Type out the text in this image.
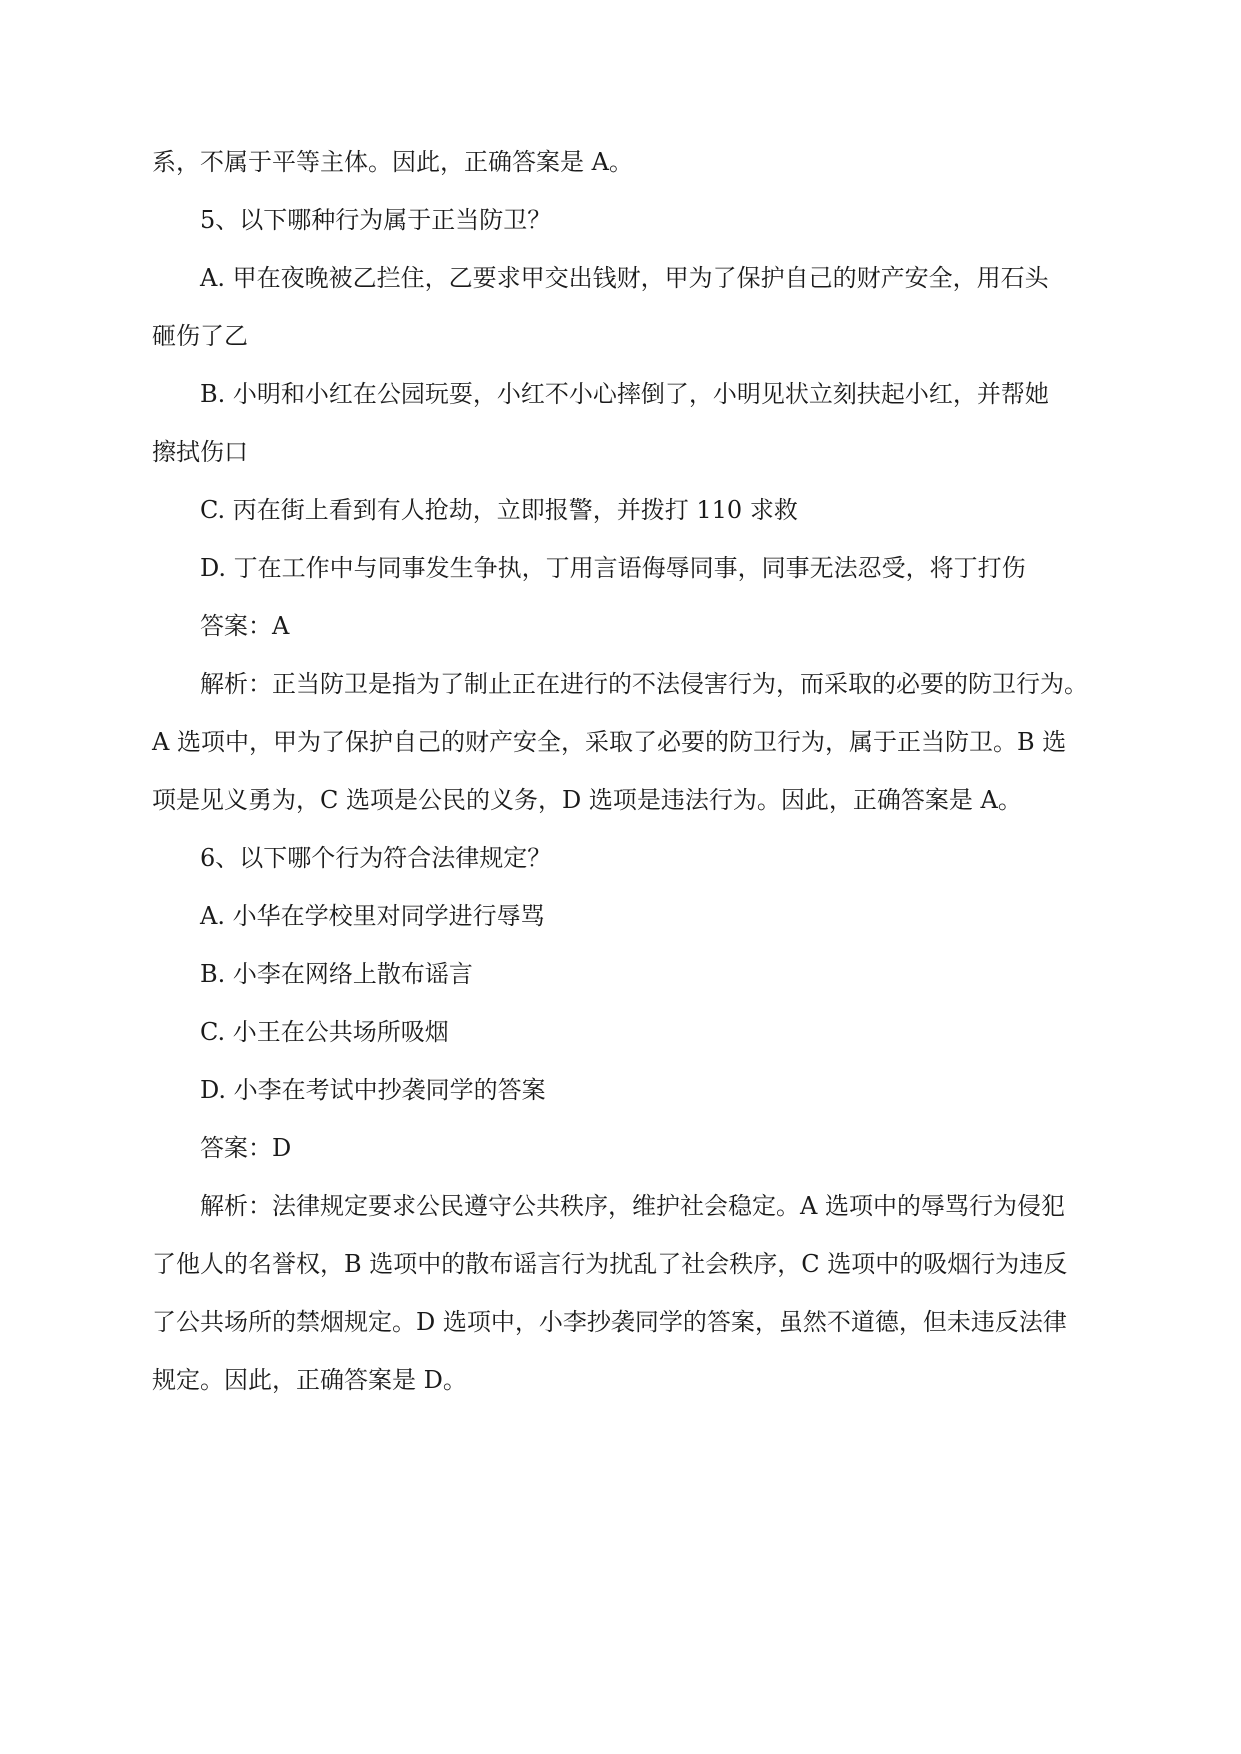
系，不属于平等主体。因此，正确答案是 A。
5、以下哪种行为属于正当防卫？
A. 甲在夜晚被乙拦住，乙要求甲交出钱财，甲为了保护自己的财产安全，用石头
砸伤了乙
B. 小明和小红在公园玩耍，小红不小心摔倒了，小明见状立刻扶起小红，并帮她
擦拭伤口
C. 丙在街上看到有人抢劫，立即报警，并拨打 110 求救
D. 丁在工作中与同事发生争执，丁用言语侮辱同事，同事无法忍受，将丁打伤
答案：A
解析：正当防卫是指为了制止正在进行的不法侵害行为，而采取的必要的防卫行为。
A 选项中，甲为了保护自己的财产安全，采取了必要的防卫行为，属于正当防卫。B 选
项是见义勇为，C 选项是公民的义务，D 选项是违法行为。因此，正确答案是 A。
6、以下哪个行为符合法律规定？
A. 小华在学校里对同学进行辱骂
B. 小李在网络上散布谣言
C. 小王在公共场所吸烟
D. 小李在考试中抄袭同学的答案
答案：D
解析：法律规定要求公民遵守公共秩序，维护社会稳定。A 选项中的辱骂行为侵犯
了他人的名誉权，B 选项中的散布谣言行为扰乱了社会秩序，C 选项中的吸烟行为违反
了公共场所的禁烟规定。D 选项中，小李抄袭同学的答案，虽然不道德，但未违反法律
规定。因此，正确答案是 D。
